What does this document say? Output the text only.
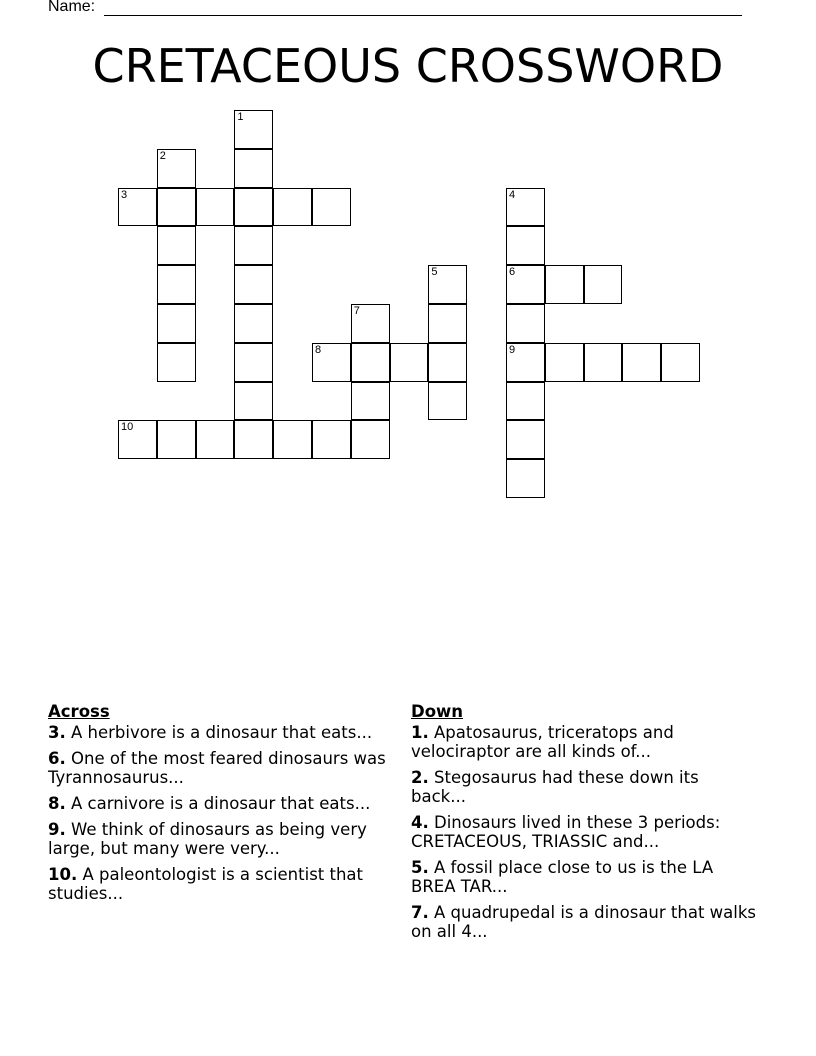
Name:
CRETACEOUS CROSSWORD
1
2
3	4
5	6
7
8	9
10
Across
3. A herbivore is a dinosaur that eats...
6. One of the most feared dinosaurs was Tyrannosaurus...
8. A carnivore is a dinosaur that eats...
9. We think of dinosaurs as being very large, but many were very...
10. A paleontologist is a scientist that studies...
Down
1. Apatosaurus, triceratops and velociraptor are all kinds of...
2. Stegosaurus had these down its back...
4. Dinosaurs lived in these 3 periods: CRETACEOUS, TRIASSIC and...
5. A fossil place close to us is the LA BREA TAR...
7. A quadrupedal is a dinosaur that walks on all 4...
